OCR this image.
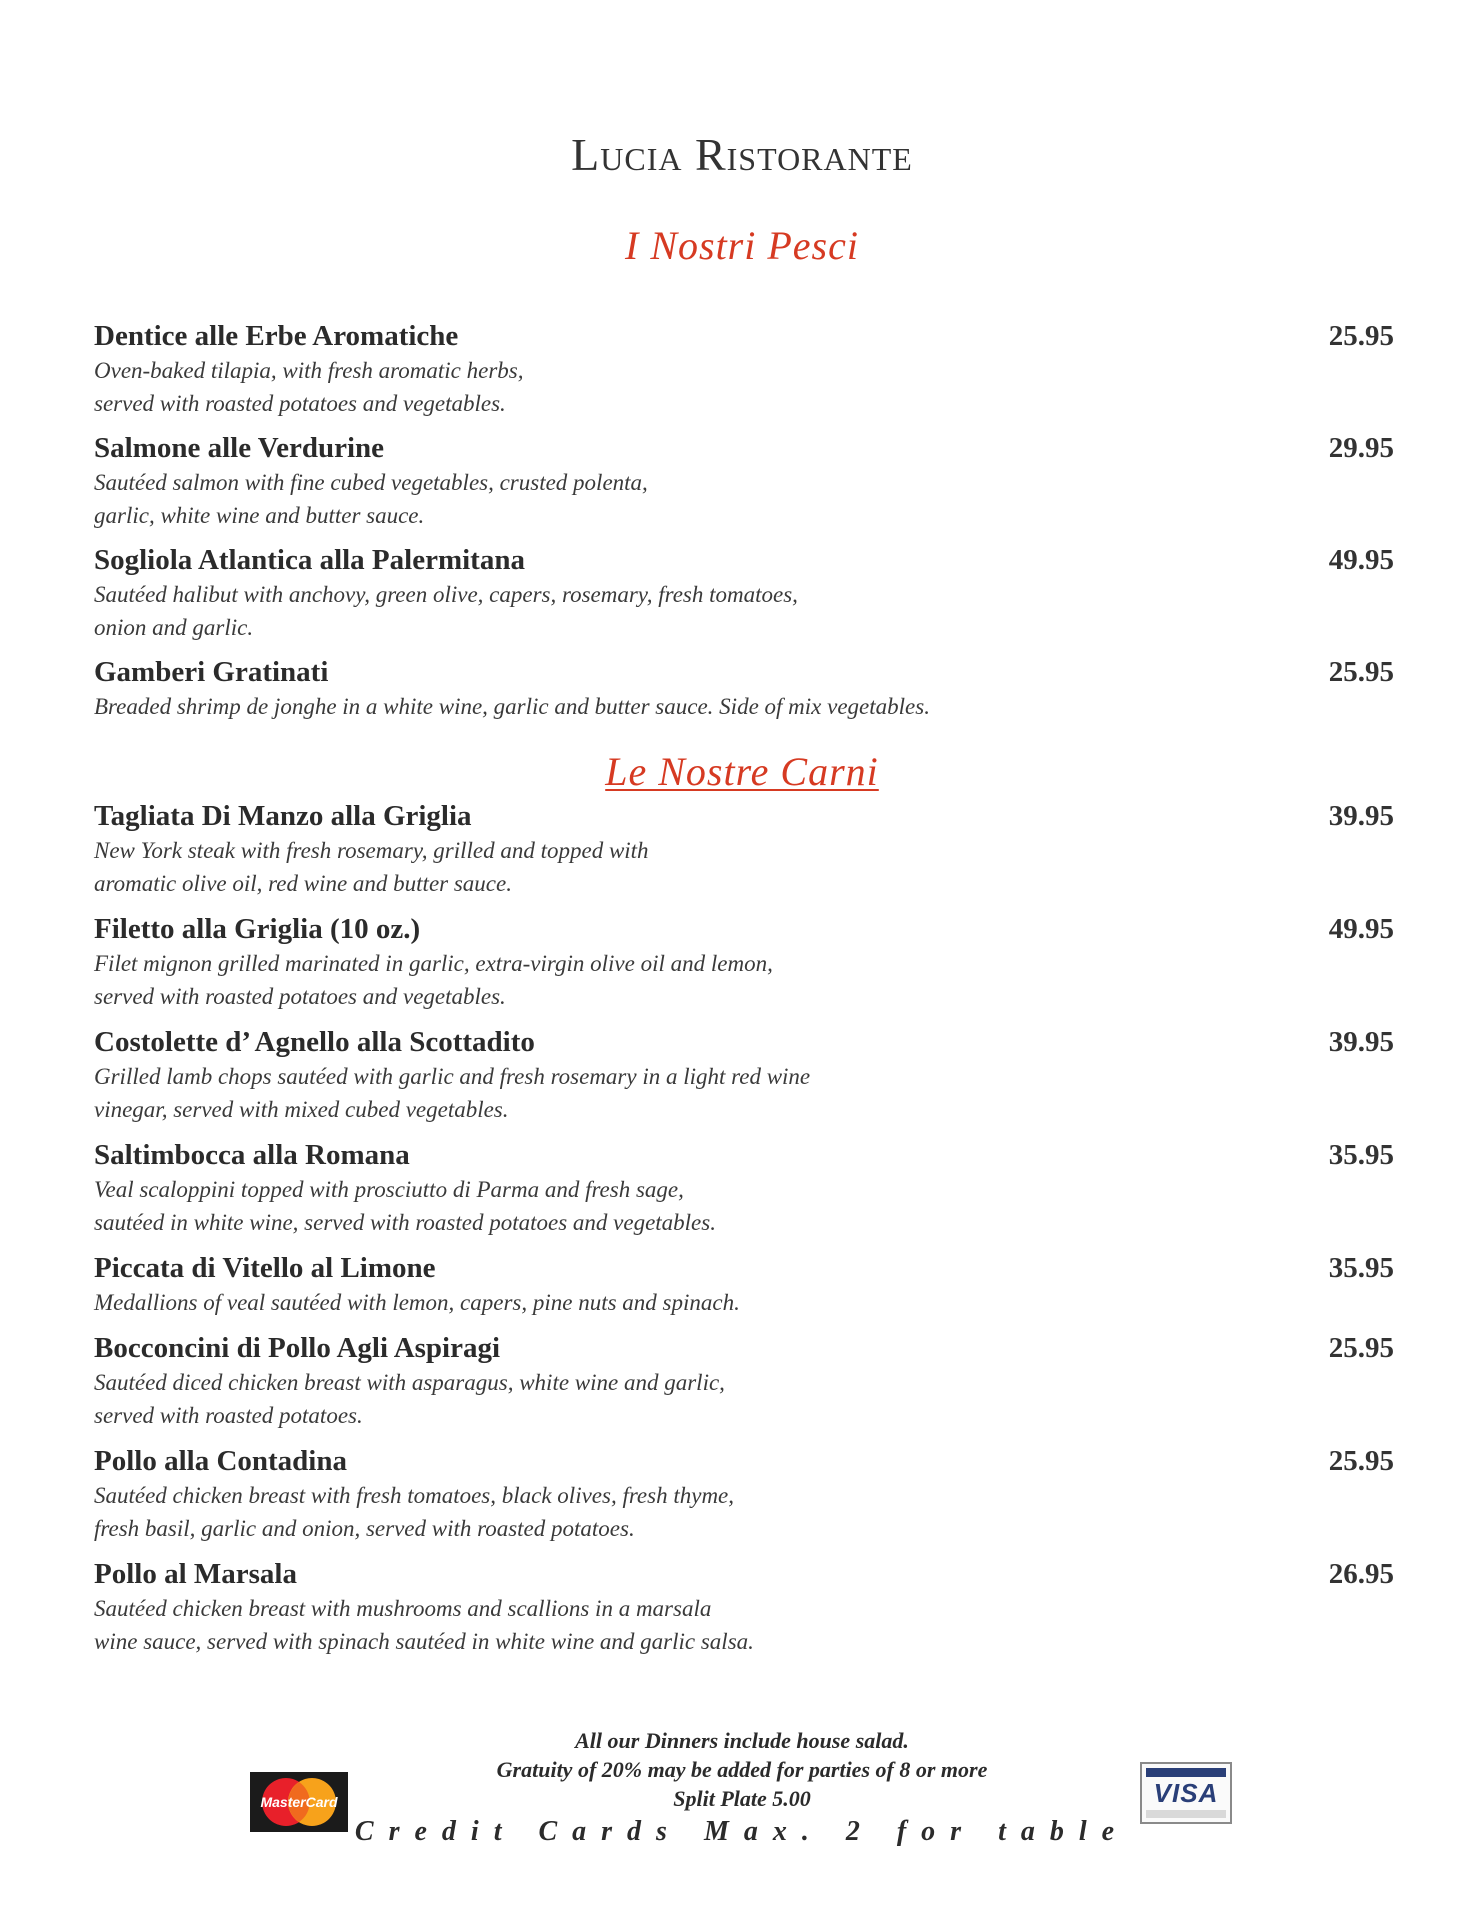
Lucia Ristorante
I Nostri Pesci
Dentice alle Erbe Aromatiche
Oven-baked tilapia, with fresh aromatic herbs,
served with roasted potatoes and vegetables.
25.95
Salmone alle Verdurine
Sautéed salmon with fine cubed vegetables, crusted polenta,
garlic, white wine and butter sauce.
29.95
Sogliola Atlantica alla Palermitana
Sautéed halibut with anchovy, green olive, capers, rosemary, fresh tomatoes,
onion and garlic.
49.95
Gamberi Gratinati
Breaded shrimp de jonghe in a white wine, garlic and butter sauce. Side of mix vegetables.
25.95
Le Nostre Carni
Tagliata Di Manzo alla Griglia
New York steak with fresh rosemary, grilled and topped with
aromatic olive oil, red wine and butter sauce.
39.95
Filetto alla Griglia (10 oz.)
Filet mignon grilled marinated in garlic, extra-virgin olive oil and lemon,
served with roasted potatoes and vegetables.
49.95
Costolette d’ Agnello alla Scottadito
Grilled lamb chops sautéed with garlic and fresh rosemary in a light red wine
vinegar, served with mixed cubed vegetables.
39.95
Saltimbocca alla Romana
Veal scaloppini topped with prosciutto di Parma and fresh sage,
sautéed in white wine, served with roasted potatoes and vegetables.
35.95
Piccata di Vitello al Limone
Medallions of veal sautéed with lemon, capers, pine nuts and spinach.
35.95
Bocconcini di Pollo Agli Aspiragi
Sautéed diced chicken breast with asparagus, white wine and garlic,
served with roasted potatoes.
25.95
Pollo alla Contadina
Sautéed chicken breast with fresh tomatoes, black olives, fresh thyme,
fresh basil, garlic and onion, served with roasted potatoes.
25.95
Pollo al Marsala
Sautéed chicken breast with mushrooms and scallions in a marsala
wine sauce, served with spinach sautéed in white wine and garlic salsa.
26.95
MasterCard
All our Dinners include house salad.
Gratuity of 20% may be added for parties of 8 or more
Split Plate 5.00
Credit Cards Max. 2 for table
VISA
